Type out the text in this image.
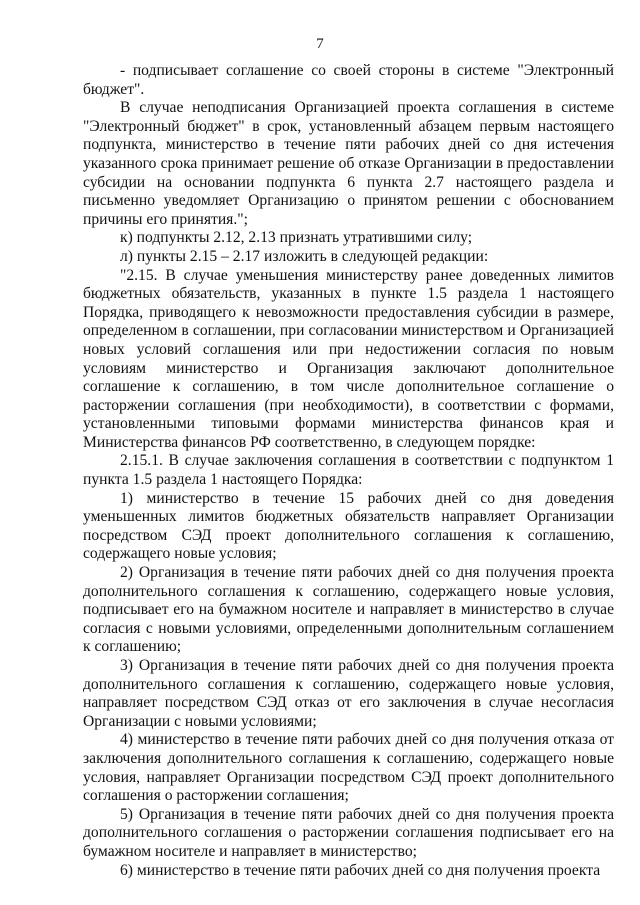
7

- подписывает соглашение со своей стороны в системе "Электронный бюджет".

В случае неподписания Организацией проекта соглашения в системе "Электронный бюджет" в срок, установленный абзацем первым настоящего подпункта, министерство в течение пяти рабочих дней со дня истечения указанного срока принимает решение об отказе Организации в предоставлении субсидии на основании подпункта 6 пункта 2.7 настоящего раздела и письменно уведомляет Организацию о принятом решении с обоснованием причины его принятия.";

к) подпункты 2.12, 2.13 признать утратившими силу;

л) пункты 2.15 – 2.17 изложить в следующей редакции:

"2.15. В случае уменьшения министерству ранее доведенных лимитов бюджетных обязательств, указанных в пункте 1.5 раздела 1 настоящего Порядка, приводящего к невозможности предоставления субсидии в размере, определенном в соглашении, при согласовании министерством и Организацией новых условий соглашения или при недостижении согласия по новым условиям министерство и Организация заключают дополнительное соглашение к соглашению, в том числе дополнительное соглашение о расторжении соглашения (при необходимости), в соответствии с формами, установленными типовыми формами министерства финансов края и Министерства финансов РФ соответственно, в следующем порядке:

2.15.1. В случае заключения соглашения в соответствии с подпунктом 1 пункта 1.5 раздела 1 настоящего Порядка:

1) министерство в течение 15 рабочих дней со дня доведения уменьшенных лимитов бюджетных обязательств направляет Организации посредством СЭД проект дополнительного соглашения к соглашению, содержащего новые условия;

2) Организация в течение пяти рабочих дней со дня получения проекта дополнительного соглашения к соглашению, содержащего новые условия, подписывает его на бумажном носителе и направляет в министерство в случае согласия с новыми условиями, определенными дополнительным соглашением к соглашению;

3) Организация в течение пяти рабочих дней со дня получения проекта дополнительного соглашения к соглашению, содержащего новые условия, направляет посредством СЭД отказ от его заключения в случае несогласия Организации с новыми условиями;

4) министерство в течение пяти рабочих дней со дня получения отказа от заключения дополнительного соглашения к соглашению, содержащего новые условия, направляет Организации посредством СЭД проект дополнительного соглашения о расторжении соглашения;

5) Организация в течение пяти рабочих дней со дня получения проекта дополнительного соглашения о расторжении соглашения подписывает его на бумажном носителе и направляет в министерство;

6) министерство в течение пяти рабочих дней со дня получения проекта
